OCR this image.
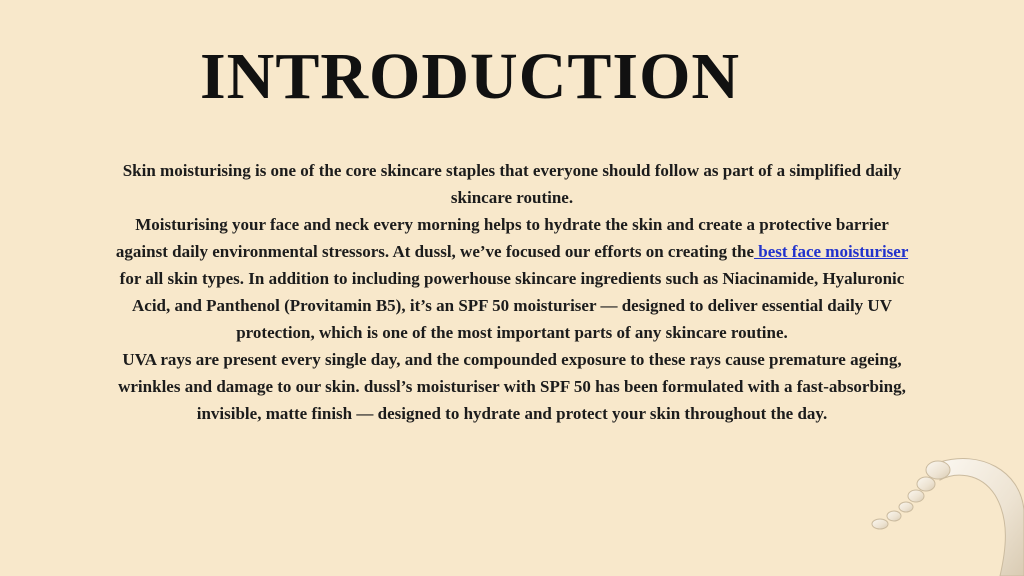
INTRODUCTION

Skin moisturising is one of the core skincare staples that everyone should follow as part of a simplified daily skincare routine.

Moisturising your face and neck every morning helps to hydrate the skin and create a protective barrier against daily environmental stressors. At dussl, we’ve focused our efforts on creating the best face moisturiser for all skin types. In addition to including powerhouse skincare ingredients such as Niacinamide, Hyaluronic Acid, and Panthenol (Provitamin B5), it’s an SPF 50 moisturiser — designed to deliver essential daily UV protection, which is one of the most important parts of any skincare routine.

UVA rays are present every single day, and the compounded exposure to these rays cause premature ageing, wrinkles and damage to our skin. dussl’s moisturiser with SPF 50 has been formulated with a fast-absorbing, invisible, matte finish — designed to hydrate and protect your skin throughout the day.
